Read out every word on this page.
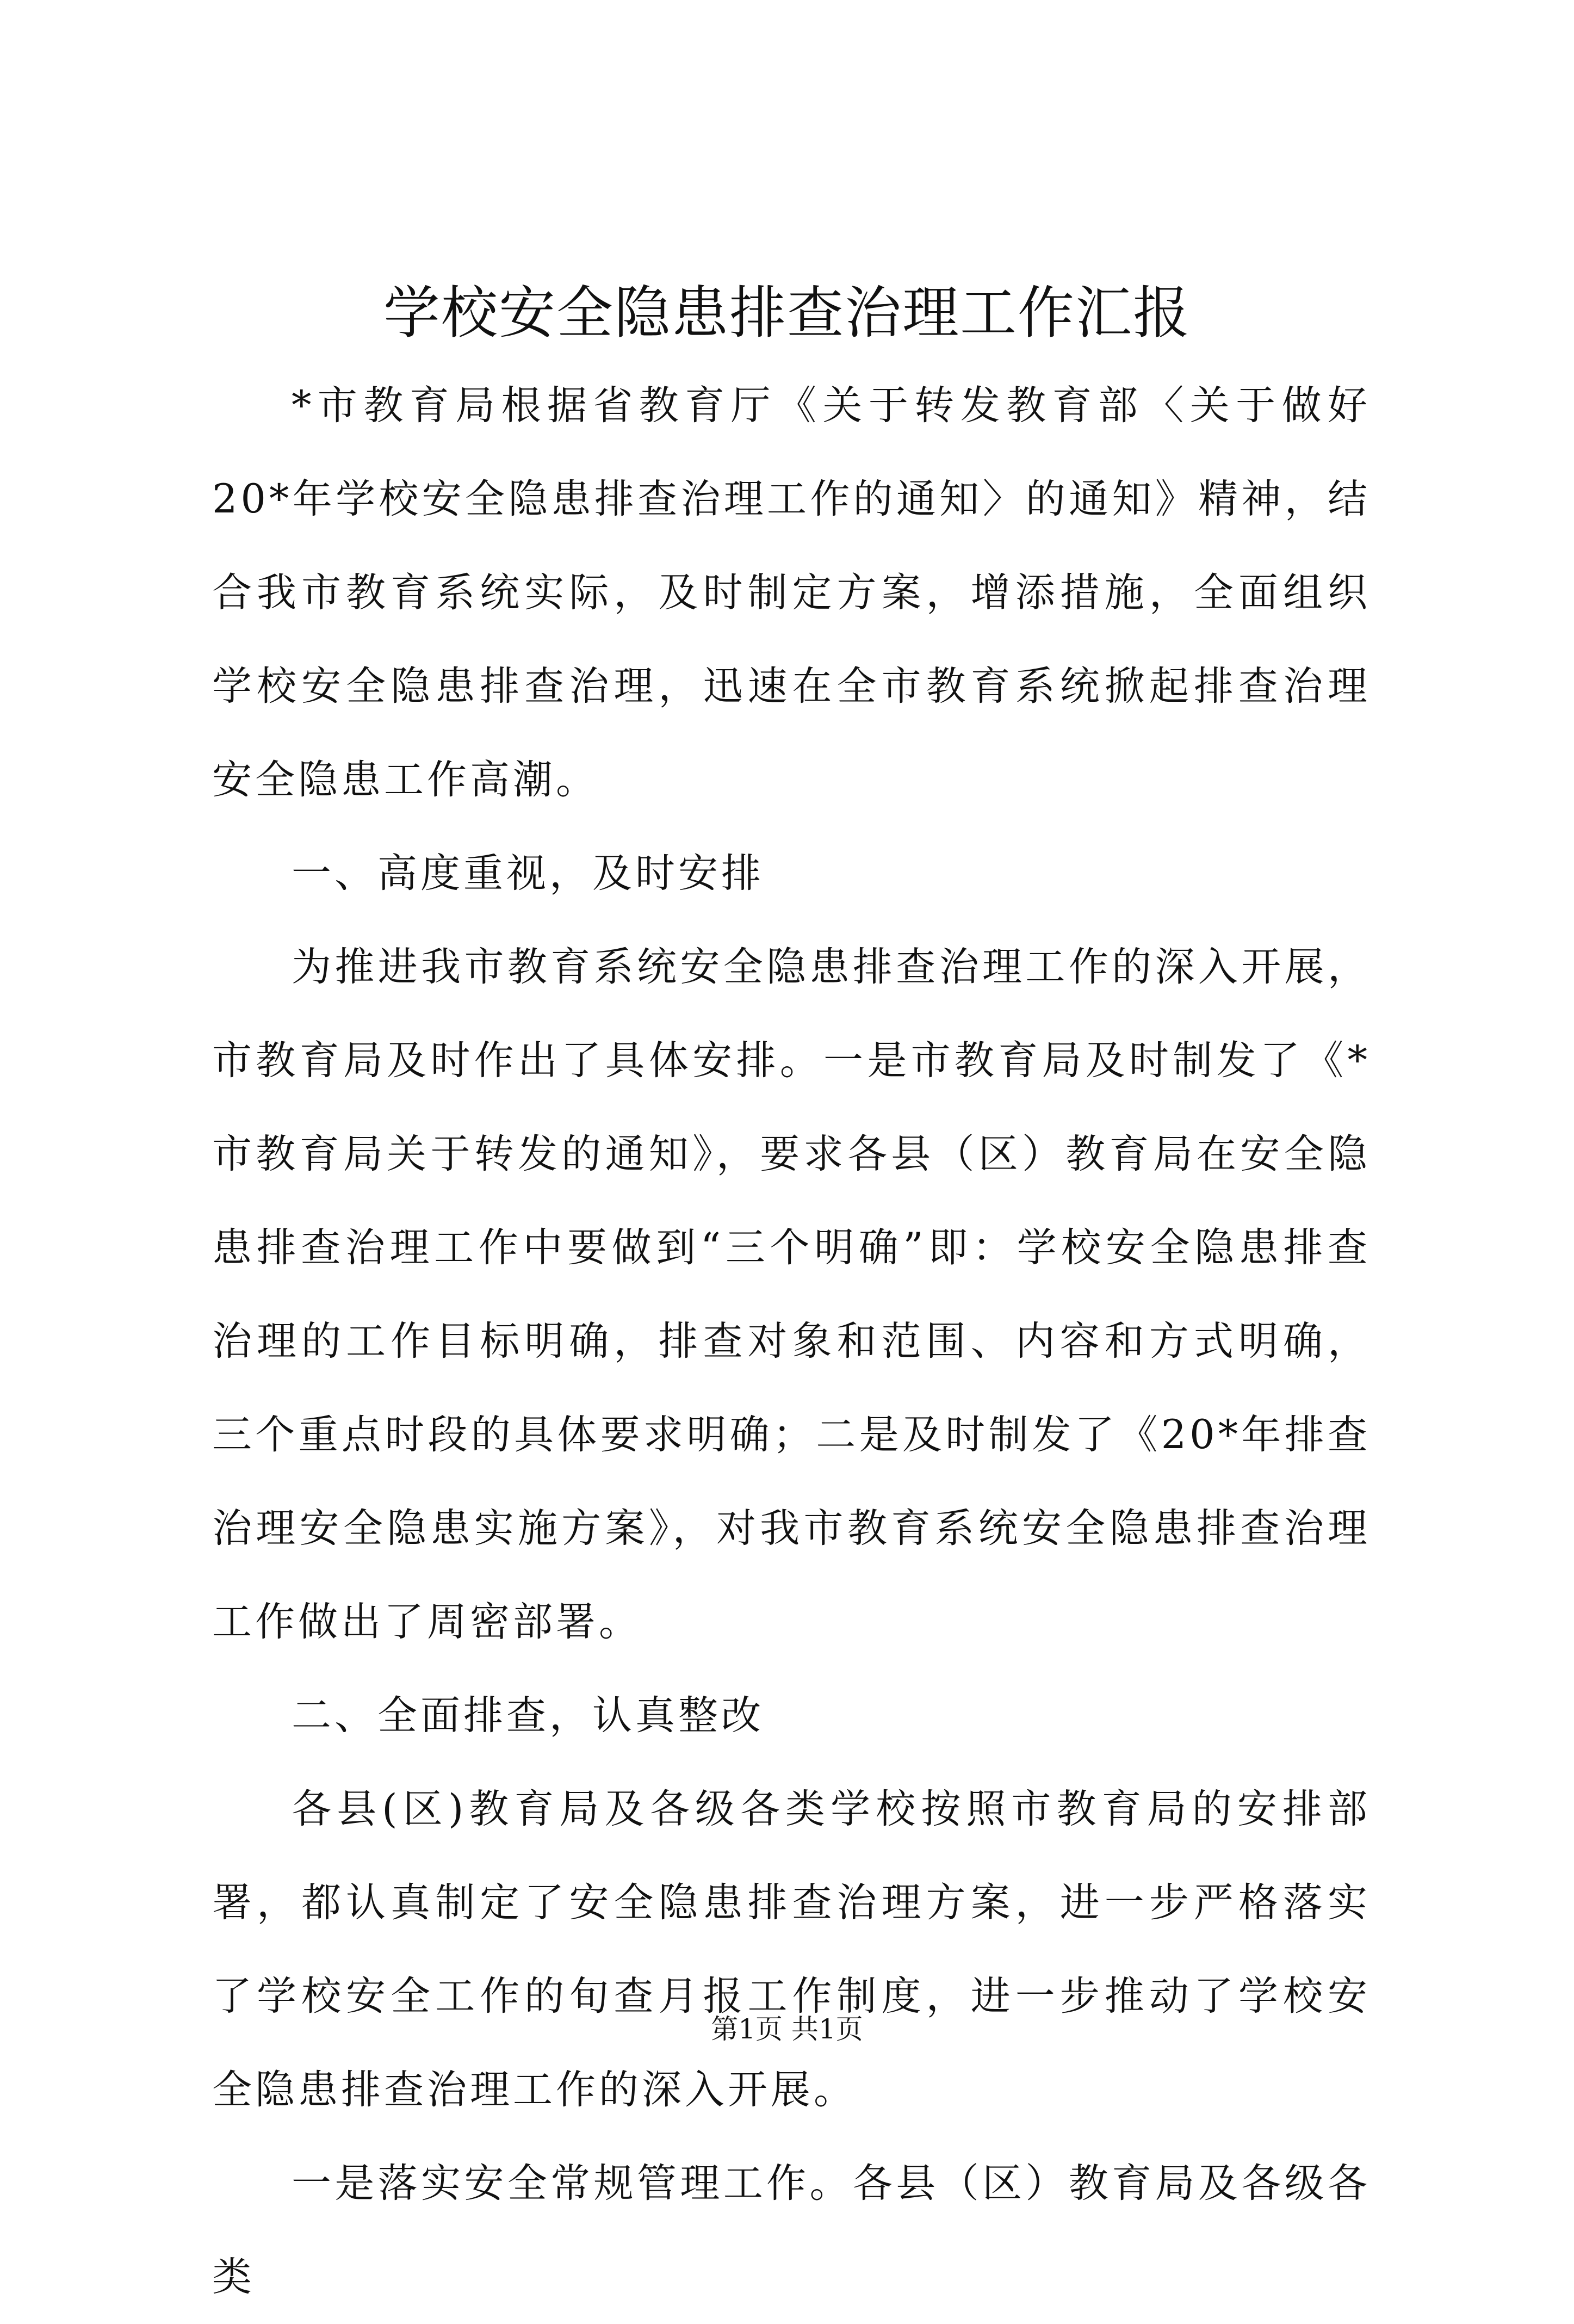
学校安全隐患排查治理工作汇报

*市教育局根据省教育厅《关于转发教育部〈关于做好20*年学校安全隐患排查治理工作的通知〉的通知》精神，结合我市教育系统实际，及时制定方案，增添措施，全面组织学校安全隐患排查治理，迅速在全市教育系统掀起排查治理安全隐患工作高潮。

一、高度重视，及时安排

为推进我市教育系统安全隐患排查治理工作的深入开展，市教育局及时作出了具体安排。一是市教育局及时制发了《*市教育局关于转发的通知》，要求各县（区）教育局在安全隐患排查治理工作中要做到“三个明确”即：学校安全隐患排查治理的工作目标明确，排查对象和范围、内容和方式明确，三个重点时段的具体要求明确；二是及时制发了《20*年排查治理安全隐患实施方案》，对我市教育系统安全隐患排查治理工作做出了周密部署。

二、全面排查，认真整改

各县(区)教育局及各级各类学校按照市教育局的安排部署，都认真制定了安全隐患排查治理方案，进一步严格落实了学校安全工作的旬查月报工作制度，进一步推动了学校安全隐患排查治理工作的深入开展。

一是落实安全常规管理工作。各县（区）教育局及各级各类

第1页 共1页
